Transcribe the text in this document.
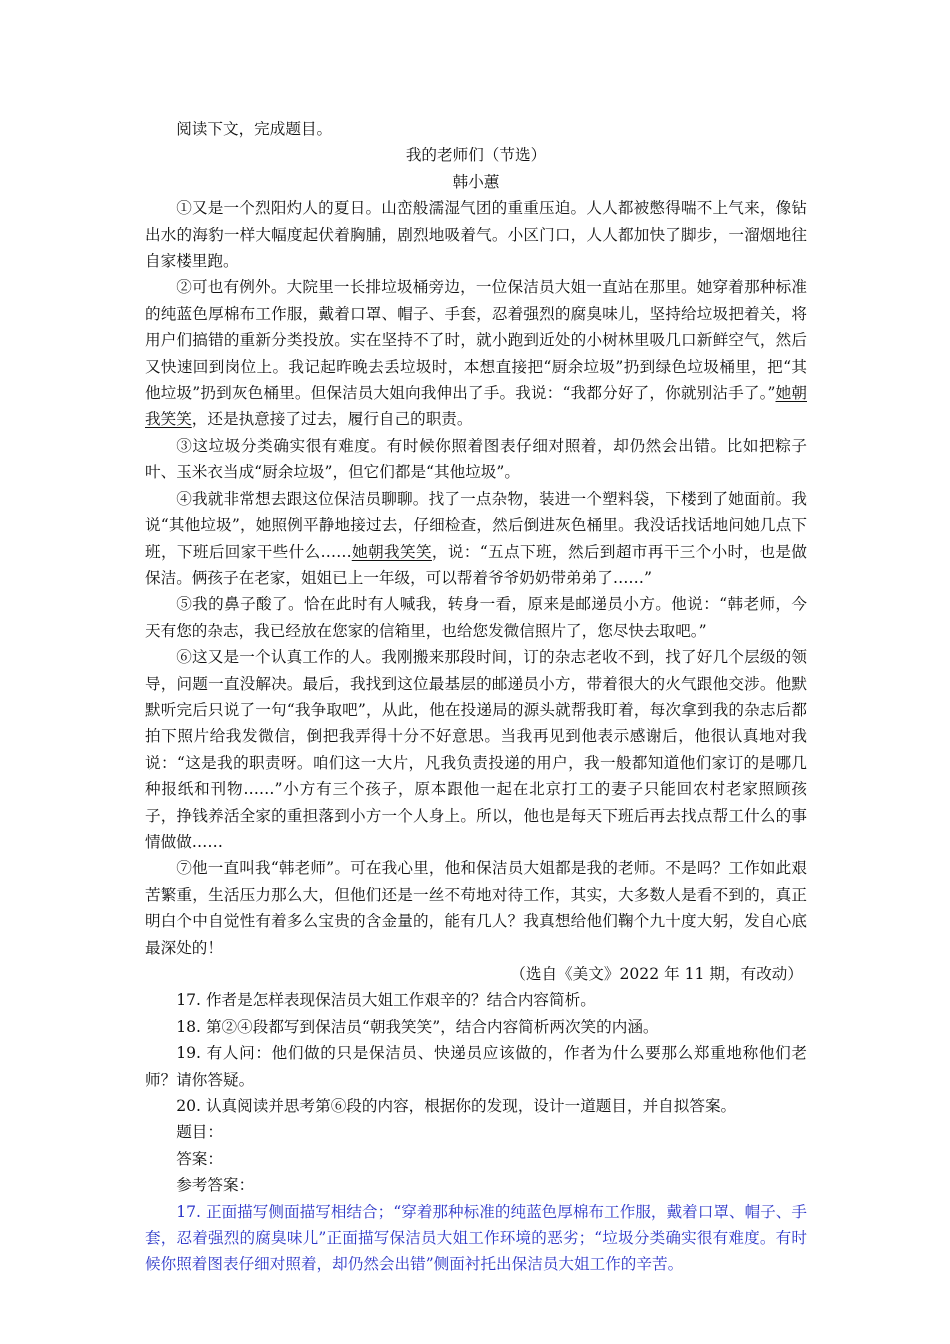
阅读下文，完成题目。

我的老师们（节选）

韩小蕙

①又是一个烈阳灼人的夏日。山峦般濡湿气团的重重压迫。人人都被憋得喘不上气来，像钻出水的海豹一样大幅度起伏着胸脯，剧烈地吸着气。小区门口，人人都加快了脚步，一溜烟地往自家楼里跑。

②可也有例外。大院里一长排垃圾桶旁边，一位保洁员大姐一直站在那里。她穿着那种标准的纯蓝色厚棉布工作服，戴着口罩、帽子、手套，忍着强烈的腐臭味儿，坚持给垃圾把着关，将用户们搞错的重新分类投放。实在坚持不了时，就小跑到近处的小树林里吸几口新鲜空气，然后又快速回到岗位上。我记起昨晚去丢垃圾时，本想直接把“厨余垃圾”扔到绿色垃圾桶里，把“其他垃圾”扔到灰色桶里。但保洁员大姐向我伸出了手。我说：“我都分好了，你就别沾手了。”她朝我笑笑，还是执意接了过去，履行自己的职责。

③这垃圾分类确实很有难度。有时候你照着图表仔细对照着，却仍然会出错。比如把粽子叶、玉米衣当成“厨余垃圾”，但它们都是“其他垃圾”。

④我就非常想去跟这位保洁员聊聊。找了一点杂物，装进一个塑料袋，下楼到了她面前。我说“其他垃圾”，她照例平静地接过去，仔细检查，然后倒进灰色桶里。我没话找话地问她几点下班，下班后回家干些什么……她朝我笑笑，说：“五点下班，然后到超市再干三个小时，也是做保洁。俩孩子在老家，姐姐已上一年级，可以帮着爷爷奶奶带弟弟了……”

⑤我的鼻子酸了。恰在此时有人喊我，转身一看，原来是邮递员小方。他说：“韩老师，今天有您的杂志，我已经放在您家的信箱里，也给您发微信照片了，您尽快去取吧。”

⑥这又是一个认真工作的人。我刚搬来那段时间，订的杂志老收不到，找了好几个层级的领导，问题一直没解决。最后，我找到这位最基层的邮递员小方，带着很大的火气跟他交涉。他默默听完后只说了一句“我争取吧”，从此，他在投递局的源头就帮我盯着，每次拿到我的杂志后都拍下照片给我发微信，倒把我弄得十分不好意思。当我再见到他表示感谢后，他很认真地对我说：“这是我的职责呀。咱们这一大片，凡我负责投递的用户，我一般都知道他们家订的是哪几种报纸和刊物……”小方有三个孩子，原本跟他一起在北京打工的妻子只能回农村老家照顾孩子，挣钱养活全家的重担落到小方一个人身上。所以，他也是每天下班后再去找点帮工什么的事情做做……

⑦他一直叫我“韩老师”。可在我心里，他和保洁员大姐都是我的老师。不是吗？工作如此艰苦繁重，生活压力那么大，但他们还是一丝不苟地对待工作，其实，大多数人是看不到的，真正明白个中自觉性有着多么宝贵的含金量的，能有几人？我真想给他们鞠个九十度大躬，发自心底最深处的！

（选自《美文》2022 年 11 期，有改动）

17. 作者是怎样表现保洁员大姐工作艰辛的？结合内容简析。

18. 第②④段都写到保洁员“朝我笑笑”，结合内容简析两次笑的内涵。

19. 有人问：他们做的只是保洁员、快递员应该做的，作者为什么要那么郑重地称他们老师？请你答疑。

20. 认真阅读并思考第⑥段的内容，根据你的发现，设计一道题目，并自拟答案。

题目：

答案：

参考答案：

17. 正面描写侧面描写相结合；“穿着那种标准的纯蓝色厚棉布工作服，戴着口罩、帽子、手套，忍着强烈的腐臭味儿”正面描写保洁员大姐工作环境的恶劣；“垃圾分类确实很有难度。有时候你照着图表仔细对照着，却仍然会出错”侧面衬托出保洁员大姐工作的辛苦。
